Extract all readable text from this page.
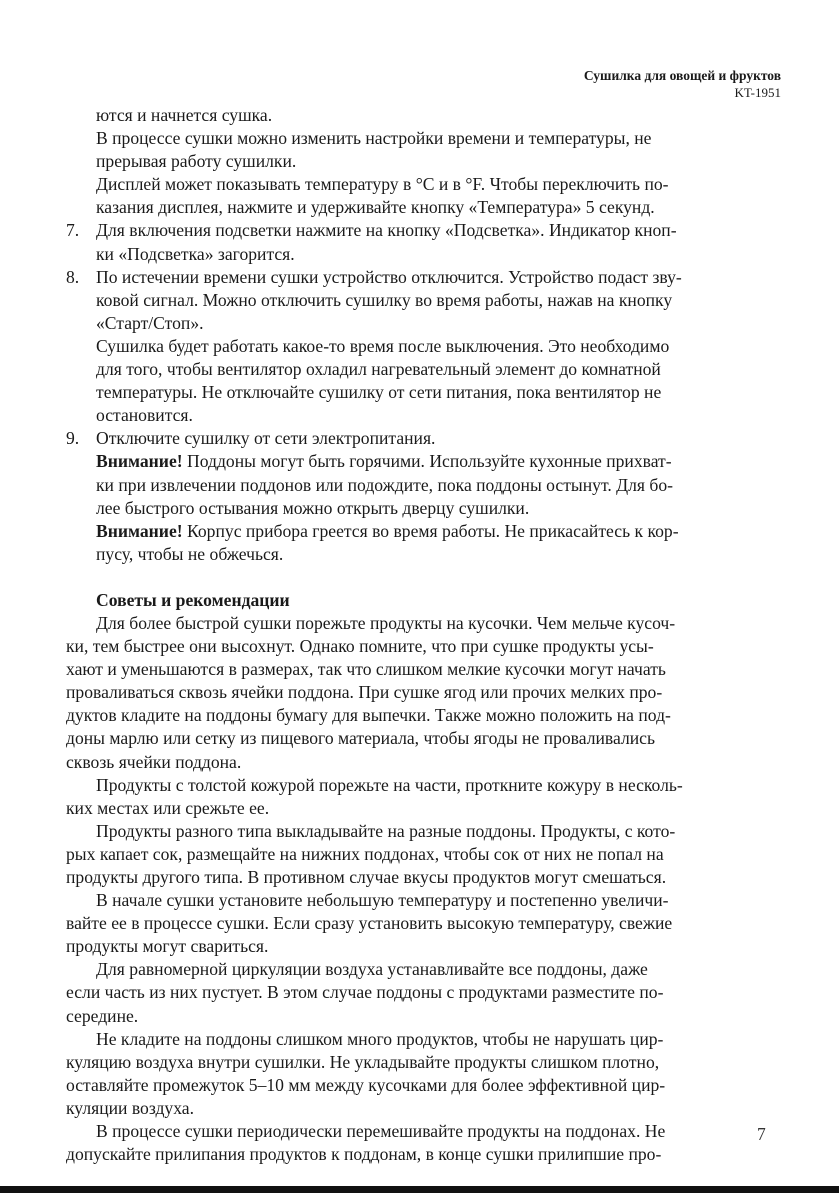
Сушилка для овощей и фруктов
KT-1951
ются и начнется сушка.
В процессе сушки можно изменить настройки времени и температуры, не
прерывая работу сушилки.
Дисплей может показывать температуру в °С и в °F. Чтобы переключить по-
казания дисплея, нажмите и удерживайте кнопку «Температура» 5 секунд.
7. Для включения подсветки нажмите на кнопку «Подсветка». Индикатор кноп-
ки «Подсветка» загорится.
8. По истечении времени сушки устройство отключится. Устройство подаст зву-
ковой сигнал. Можно отключить сушилку во время работы, нажав на кнопку
«Старт/Стоп».
Сушилка будет работать какое-то время после выключения. Это необходимо
для того, чтобы вентилятор охладил нагревательный элемент до комнатной
температуры. Не отключайте сушилку от сети питания, пока вентилятор не
остановится.
9. Отключите сушилку от сети электропитания.
Внимание! Поддоны могут быть горячими. Используйте кухонные прихват-
ки при извлечении поддонов или подождите, пока поддоны остынут. Для бо-
лее быстрого остывания можно открыть дверцу сушилки.
Внимание! Корпус прибора греется во время работы. Не прикасайтесь к кор-
пусу, чтобы не обжечься.
Советы и рекомендации
Для более быстрой сушки порежьте продукты на кусочки. Чем мельче кусоч-
ки, тем быстрее они высохнут. Однако помните, что при сушке продукты усы-
хают и уменьшаются в размерах, так что слишком мелкие кусочки могут начать
проваливаться сквозь ячейки поддона. При сушке ягод или прочих мелких про-
дуктов кладите на поддоны бумагу для выпечки. Также можно положить на под-
доны марлю или сетку из пищевого материала, чтобы ягоды не проваливались
сквозь ячейки поддона.
Продукты с толстой кожурой порежьте на части, проткните кожуру в несколь-
ких местах или срежьте ее.
Продукты разного типа выкладывайте на разные поддоны. Продукты, с кото-
рых капает сок, размещайте на нижних поддонах, чтобы сок от них не попал на
продукты другого типа. В противном случае вкусы продуктов могут смешаться.
В начале сушки установите небольшую температуру и постепенно увеличи-
вайте ее в процессе сушки. Если сразу установить высокую температуру, свежие
продукты могут свариться.
Для равномерной циркуляции воздуха устанавливайте все поддоны, даже
если часть из них пустует. В этом случае поддоны с продуктами разместите по-
середине.
Не кладите на поддоны слишком много продуктов, чтобы не нарушать цир-
куляцию воздуха внутри сушилки. Не укладывайте продукты слишком плотно,
оставляйте промежуток 5–10 мм между кусочками для более эффективной цир-
куляции воздуха.
В процессе сушки периодически перемешивайте продукты на поддонах. Не
допускайте прилипания продуктов к поддонам, в конце сушки прилипшие про-
7
